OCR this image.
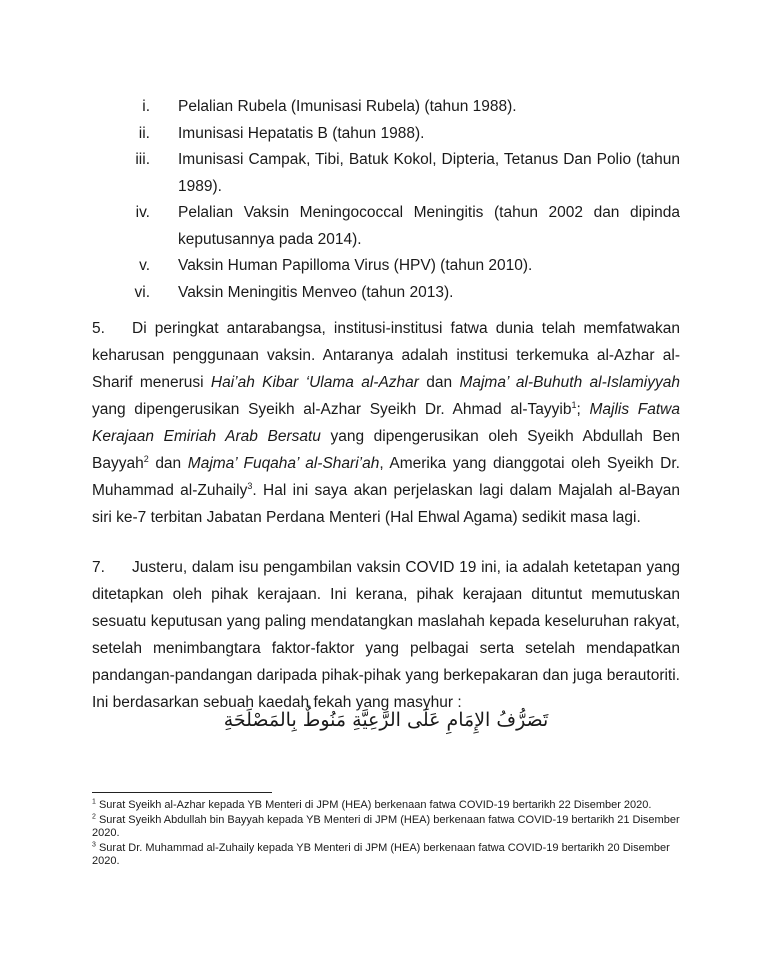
i.	Pelalian Rubela (Imunisasi Rubela) (tahun 1988).
ii.	Imunisasi Hepatatis B (tahun 1988).
iii.	Imunisasi Campak, Tibi, Batuk Kokol, Dipteria, Tetanus Dan Polio (tahun 1989).
iv.	Pelalian Vaksin Meningococcal Meningitis (tahun 2002 dan dipinda keputusannya pada 2014).
v.	Vaksin Human Papilloma Virus (HPV) (tahun 2010).
vi.	Vaksin Meningitis Menveo (tahun 2013).

5. Di peringkat antarabangsa, institusi-institusi fatwa dunia telah memfatwakan keharusan penggunaan vaksin. Antaranya adalah institusi terkemuka al-Azhar al-Sharif menerusi Hai’ah Kibar ‘Ulama al-Azhar dan Majma’ al-Buhuth al-Islamiyyah yang dipengerusikan Syeikh al-Azhar Syeikh Dr. Ahmad al-Tayyib$^1$; Majlis Fatwa Kerajaan Emiriah Arab Bersatu yang dipengerusikan oleh Syeikh Abdullah Ben Bayyah$^2$ dan Majma’ Fuqaha’ al-Shari’ah, Amerika yang dianggotai oleh Syeikh Dr. Muhammad al-Zuhaily$^3$. Hal ini saya akan perjelaskan lagi dalam Majalah al-Bayan siri ke-7 terbitan Jabatan Perdana Menteri (Hal Ehwal Agama) sedikit masa lagi.

7. Justeru, dalam isu pengambilan vaksin COVID 19 ini, ia adalah ketetapan yang ditetapkan oleh pihak kerajaan. Ini kerana, pihak kerajaan dituntut memutuskan sesuatu keputusan yang paling mendatangkan maslahah kepada keseluruhan rakyat, setelah menimbangtara faktor-faktor yang pelbagai serta setelah mendapatkan pandangan-pandangan daripada pihak-pihak yang berkepakaran dan juga berautoriti. Ini berdasarkan sebuah kaedah fekah yang masyhur :

تَصَرُّفُ الإِمَامِ عَلَى الرَّعِيَّةِ مَنُوطٌ بِالمَصْلَحَةِ
$^1$ Surat Syeikh al-Azhar kepada YB Menteri di JPM (HEA) berkenaan fatwa COVID-19 bertarikh 22 Disember 2020.
$^2$ Surat Syeikh Abdullah bin Bayyah kepada YB Menteri di JPM (HEA) berkenaan fatwa COVID-19 bertarikh 21 Disember 2020.
$^3$ Surat Dr. Muhammad al-Zuhaily kepada YB Menteri di JPM (HEA) berkenaan fatwa COVID-19 bertarikh 20 Disember 2020.
